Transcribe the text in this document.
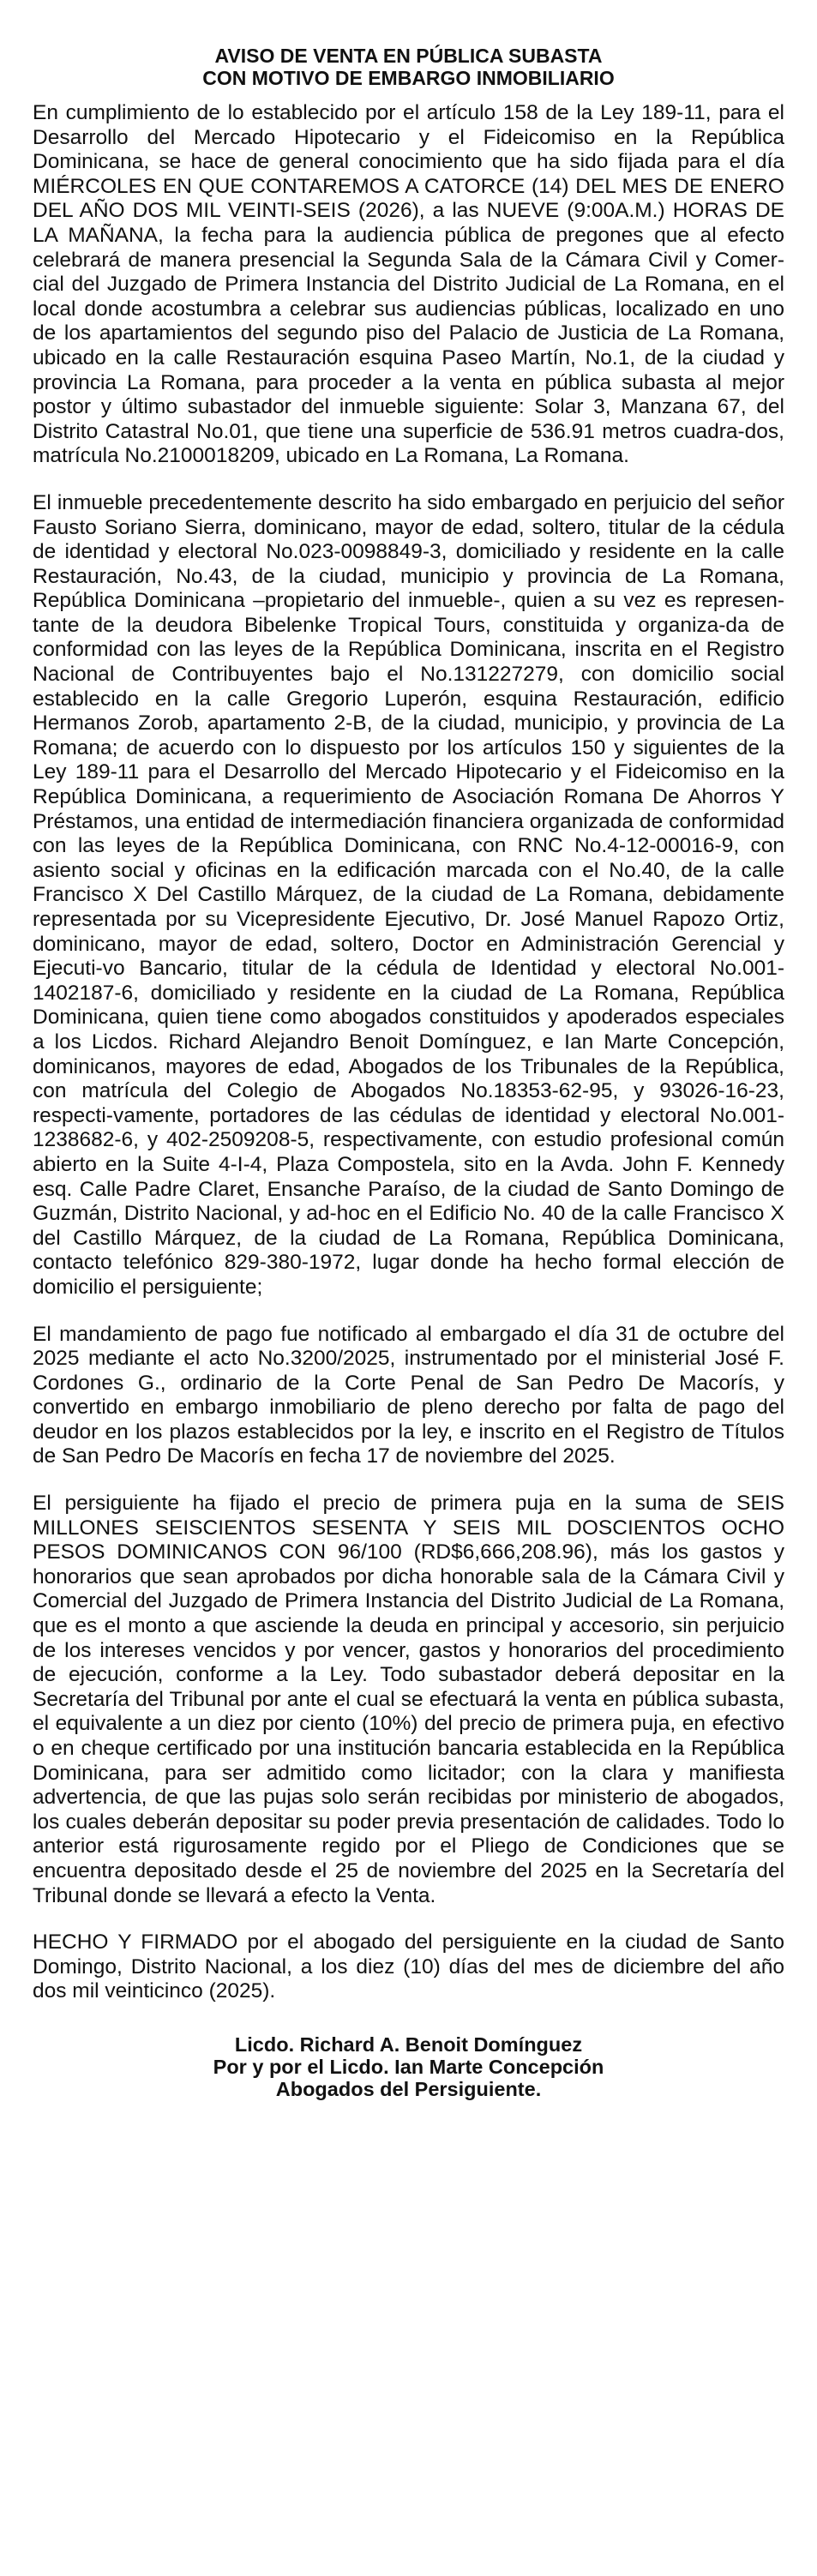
AVISO DE VENTA EN PÚBLICA SUBASTA
CON MOTIVO DE EMBARGO INMOBILIARIO

En cumplimiento de lo establecido por el artículo 158 de la Ley 189-11, para el Desarrollo del Mercado Hipotecario y el Fideicomiso en la República Dominicana, se hace de general conocimiento que ha sido fijada para el día MIÉRCOLES EN QUE CONTAREMOS A CATORCE (14) DEL MES DE ENERO DEL AÑO DOS MIL VEINTI-SEIS (2026), a las NUEVE (9:00A.M.) HORAS DE LA MAÑANA, la fecha para la audiencia pública de pregones que al efecto celebrará de manera presencial la Segunda Sala de la Cámara Civil y Comer-cial del Juzgado de Primera Instancia del Distrito Judicial de La Romana, en el local donde acostumbra a celebrar sus audiencias públicas, localizado en uno de los apartamientos del segundo piso del Palacio de Justicia de La Romana, ubicado en la calle Restauración esquina Paseo Martín, No.1, de la ciudad y provincia La Romana, para proceder a la venta en pública subasta al mejor postor y último subastador del inmueble siguiente: Solar 3, Manzana 67, del Distrito Catastral No.01, que tiene una superficie de 536.91 metros cuadra-dos, matrícula No.2100018209, ubicado en La Romana, La Romana.

El inmueble precedentemente descrito ha sido embargado en perjuicio del señor Fausto Soriano Sierra, dominicano, mayor de edad, soltero, titular de la cédula de identidad y electoral No.023-0098849-3, domiciliado y residente en la calle Restauración, No.43, de la ciudad, municipio y provincia de La Romana, República Dominicana –propietario del inmueble-, quien a su vez es represen-tante de la deudora Bibelenke Tropical Tours, constituida y organiza-da de conformidad con las leyes de la República Dominicana, inscrita en el Registro Nacional de Contribuyentes bajo el No.131227279, con domicilio social establecido en la calle Gregorio Luperón, esquina Restauración, edificio Hermanos Zorob, apartamento 2-B, de la ciudad, municipio, y provincia de La Romana; de acuerdo con lo dispuesto por los artículos 150 y siguientes de la Ley 189-11 para el Desarrollo del Mercado Hipotecario y el Fideicomiso en la República Dominicana, a requerimiento de Asociación Romana De Ahorros Y Préstamos, una entidad de intermediación financiera organizada de conformidad con las leyes de la República Dominicana, con RNC No.4-12-00016-9, con asiento social y oficinas en la edificación marcada con el No.40, de la calle Francisco X Del Castillo Márquez, de la ciudad de La Romana, debidamente representada por su Vicepresidente Ejecutivo, Dr. José Manuel Rapozo Ortiz, dominicano, mayor de edad, soltero, Doctor en Administración Gerencial y Ejecuti-vo Bancario, titular de la cédula de Identidad y electoral No.001-1402187-6, domiciliado y residente en la ciudad de La Romana, República Dominicana, quien tiene como abogados constituidos y apoderados especiales a los Licdos. Richard Alejandro Benoit Domínguez, e Ian Marte Concepción, dominicanos, mayores de edad, Abogados de los Tribunales de la República, con matrícula del Colegio de Abogados No.18353-62-95, y 93026-16-23, respecti-vamente, portadores de las cédulas de identidad y electoral No.001-1238682-6, y 402-2509208-5, respectivamente, con estudio profesional común abierto en la Suite 4-I-4, Plaza Compostela, sito en la Avda. John F. Kennedy esq. Calle Padre Claret, Ensanche Paraíso, de la ciudad de Santo Domingo de Guzmán, Distrito Nacional, y ad-hoc en el Edificio No. 40 de la calle Francisco X del Castillo Márquez, de la ciudad de La Romana, República Dominicana, contacto telefónico 829-380-1972, lugar donde ha hecho formal elección de domicilio el persiguiente;

El mandamiento de pago fue notificado al embargado el día 31 de octubre del 2025 mediante el acto No.3200/2025, instrumentado por el ministerial José F. Cordones G., ordinario de la Corte Penal de San Pedro De Macorís, y convertido en embargo inmobiliario de pleno derecho por falta de pago del deudor en los plazos establecidos por la ley, e inscrito en el Registro de Títulos de San Pedro De Macorís en fecha 17 de noviembre del 2025.

El persiguiente ha fijado el precio de primera puja en la suma de SEIS MILLONES SEISCIENTOS SESENTA Y SEIS MIL DOSCIENTOS OCHO PESOS DOMINICANOS CON 96/100 (RD$6,666,208.96), más los gastos y honorarios que sean aprobados por dicha honorable sala de la Cámara Civil y Comercial del Juzgado de Primera Instancia del Distrito Judicial de La Romana, que es el monto a que asciende la deuda en principal y accesorio, sin perjuicio de los intereses vencidos y por vencer, gastos y honorarios del procedimiento de ejecución, conforme a la Ley. Todo subastador deberá depositar en la Secretaría del Tribunal por ante el cual se efectuará la venta en pública subasta, el equivalente a un diez por ciento (10%) del precio de primera puja, en efectivo o en cheque certificado por una institución bancaria establecida en la República Dominicana, para ser admitido como licitador; con la clara y manifiesta advertencia, de que las pujas solo serán recibidas por ministerio de abogados, los cuales deberán depositar su poder previa presentación de calidades. Todo lo anterior está rigurosamente regido por el Pliego de Condiciones que se encuentra depositado desde el 25 de noviembre del 2025 en la Secretaría del Tribunal donde se llevará a efecto la Venta.

HECHO Y FIRMADO por el abogado del persiguiente en la ciudad de Santo Domingo, Distrito Nacional, a los diez (10) días del mes de diciembre del año dos mil veinticinco (2025).

Licdo. Richard A. Benoit Domínguez
Por y por el Licdo. Ian Marte Concepción
Abogados del Persiguiente.
